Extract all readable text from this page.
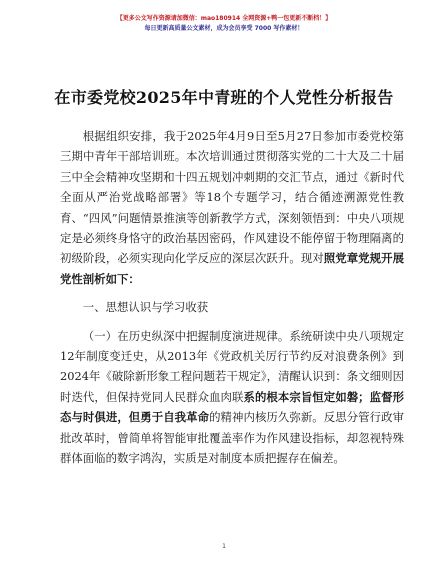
【更多公文写作资源请加微信：mao180914 全网资源+鸭一包更新不断档！】
每日更新高质量公文素材，成为会员享受 7000 写作素材！
在市委党校2025年中青班的个人党性分析报告

根据组织安排，我于2025年4月9日至5月27日参加市委党校第三期中青年干部培训班。本次培训通过贯彻落实党的二十大及二十届三中全会精神攻坚期和十四五规划冲刺期的交汇节点，通过《新时代全面从严治党战略部署》等18个专题学习，结合循迹溯源党性教育、“四风”问题情景推演等创新教学方式，深刻领悟到：中央八项规定是必须终身恪守的政治基因密码，作风建设不能停留于物理隔离的初级阶段，必须实现向化学反应的深层次跃升。现对照党章党规开展党性剖析如下：

一、思想认识与学习收获

（一）在历史纵深中把握制度演进规律。系统研读中央八项规定12年制度变迁史，从2013年《党政机关厉行节约反对浪费条例》到2024年《破除新形象工程问题若干规定》，清醒认识到：条文细则因时迭代，但保持党同人民群众血肉联系的根本宗旨恒定如磐；监督形态与时俱进，但勇于自我革命的精神内核历久弥新。反思分管行政审批改革时，曾简单将智能审批覆盖率作为作风建设指标，却忽视特殊群体面临的数字鸿沟，实质是对制度本质把握存在偏差。

1
